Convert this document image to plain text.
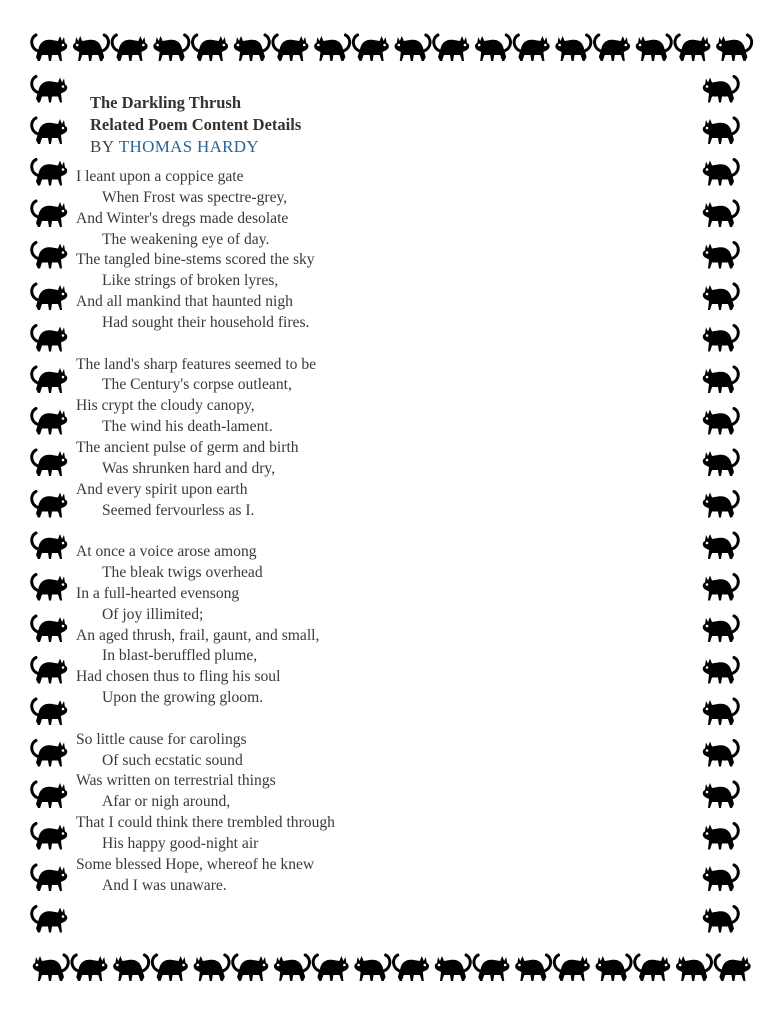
The Darkling Thrush
Related Poem Content Details
BY THOMAS HARDY
I leant upon a coppice gate
When Frost was spectre-grey,
And Winter's dregs made desolate
The weakening eye of day.
The tangled bine-stems scored the sky
Like strings of broken lyres,
And all mankind that haunted nigh
Had sought their household fires.
The land's sharp features seemed to be
The Century's corpse outleant,
His crypt the cloudy canopy,
The wind his death-lament.
The ancient pulse of germ and birth
Was shrunken hard and dry,
And every spirit upon earth
Seemed fervourless as I.
At once a voice arose among
The bleak twigs overhead
In a full-hearted evensong
Of joy illimited;
An aged thrush, frail, gaunt, and small,
In blast-beruffled plume,
Had chosen thus to fling his soul
Upon the growing gloom.
So little cause for carolings
Of such ecstatic sound
Was written on terrestrial things
Afar or nigh around,
That I could think there trembled through
His happy good-night air
Some blessed Hope, whereof he knew
And I was unaware.
